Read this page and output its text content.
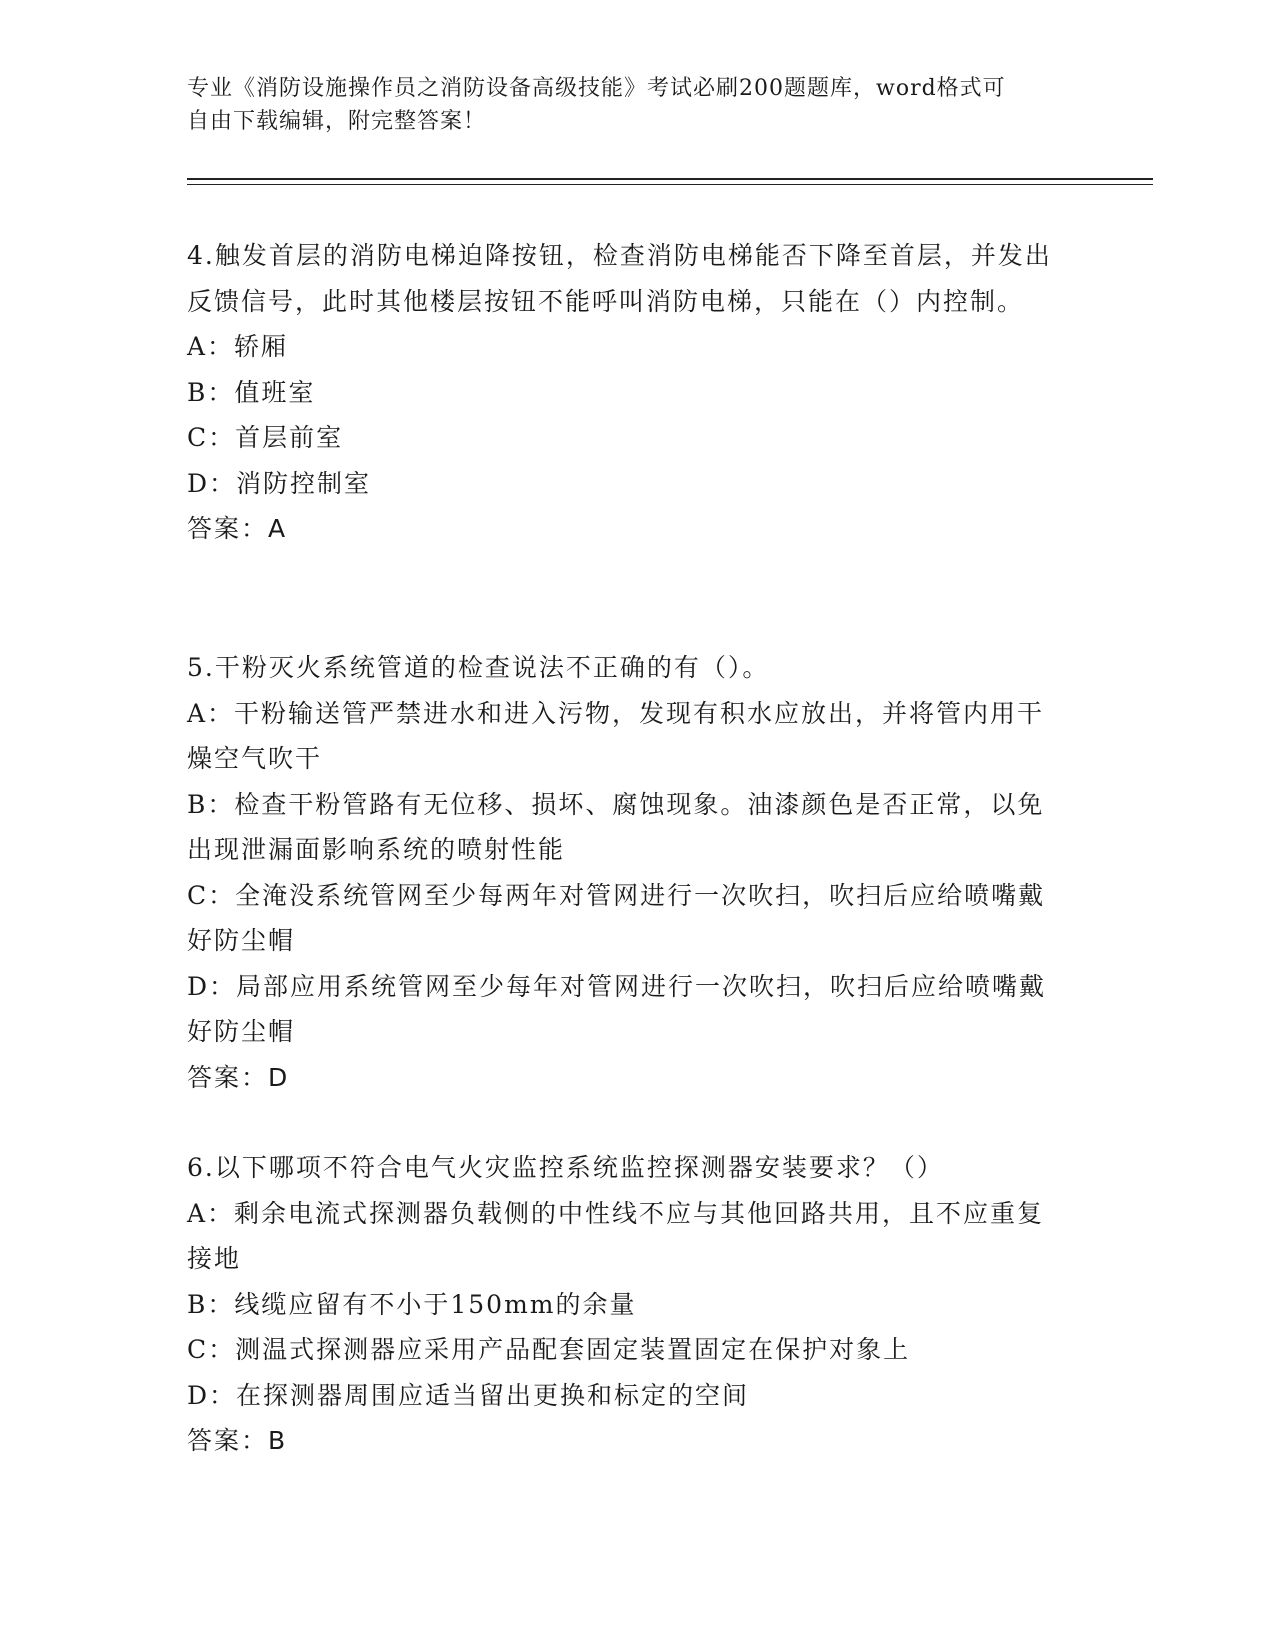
专业《消防设施操作员之消防设备高级技能》考试必刷200题题库，word格式可
自由下载编辑，附完整答案！

4.触发首层的消防电梯迫降按钮，检查消防电梯能否下降至首层，并发出反馈信号，此时其他楼层按钮不能呼叫消防电梯，只能在（）内控制。

A：轿厢

B：值班室

C：首层前室

D：消防控制室

答案：A

5.干粉灭火系统管道的检查说法不正确的有（）。

A：干粉输送管严禁进水和进入污物，发现有积水应放出，并将管内用干燥空气吹干

B：检查干粉管路有无位移、损坏、腐蚀现象。油漆颜色是否正常，以免出现泄漏面影响系统的喷射性能

C：全淹没系统管网至少每两年对管网进行一次吹扫，吹扫后应给喷嘴戴好防尘帽

D：局部应用系统管网至少每年对管网进行一次吹扫，吹扫后应给喷嘴戴好防尘帽

答案：D

6.以下哪项不符合电气火灾监控系统监控探测器安装要求？（）

A：剩余电流式探测器负载侧的中性线不应与其他回路共用，且不应重复接地

B：线缆应留有不小于150mm的余量

C：测温式探测器应采用产品配套固定装置固定在保护对象上

D：在探测器周围应适当留出更换和标定的空间

答案：B
